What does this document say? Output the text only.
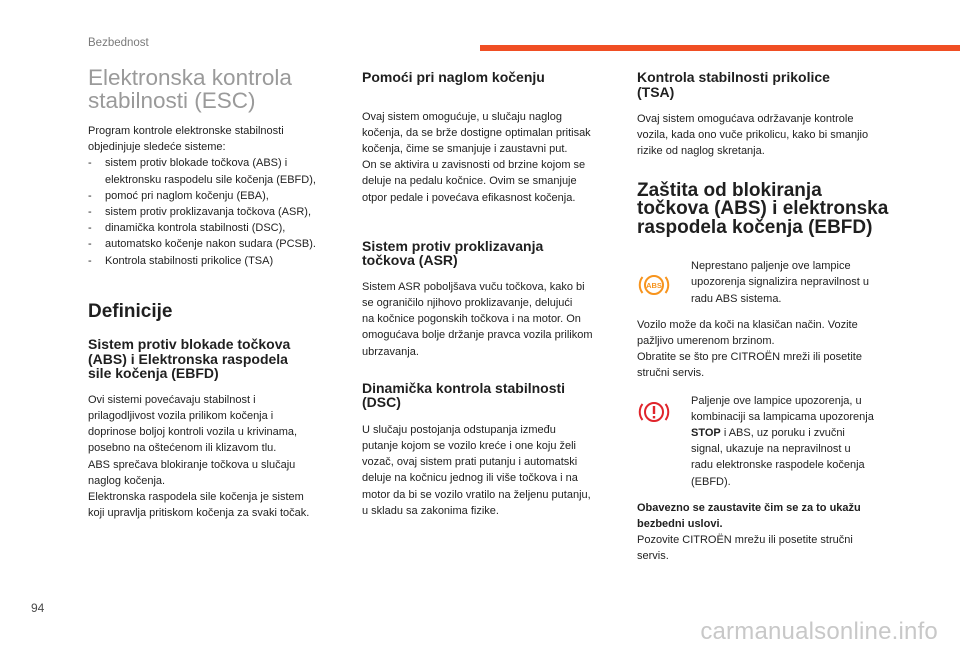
Bezbednost
Elektronska kontrola
stabilnosti (ESC)

Program kontrole elektronske stabilnosti
objedinjuje sledeće sisteme:

- sistem protiv blokade točkova (ABS) i
elektronsku raspodelu sile kočenja (EBFD),
- pomoć pri naglom kočenju (EBA),
- sistem protiv proklizavanja točkova (ASR),
- dinamička kontrola stabilnosti (DSC),
- automatsko kočenje nakon sudara (PCSB).
- Kontrola stabilnosti prikolice (TSA)
Definicije
Sistem protiv blokade točkova
(ABS) i Elektronska raspodela
sile kočenja (EBFD)

Ovi sistemi povećavaju stabilnost i
prilagodljivost vozila prilikom kočenja i
doprinose boljoj kontroli vozila u krivinama,
posebno na oštećenom ili klizavom tlu.
ABS sprečava blokiranje točkova u slučaju
naglog kočenja.
Elektronska raspodela sile kočenja je sistem
koji upravlja pritiskom kočenja za svaki točak.

Pomoći pri naglom kočenju

Ovaj sistem omogućuje, u slučaju naglog
kočenja, da se brže dostigne optimalan pritisak
kočenja, čime se smanjuje i zaustavni put.
On se aktivira u zavisnosti od brzine kojom se
deluje na pedalu kočnice. Ovim se smanjuje
otpor pedale i povećava efikasnost kočenja.

Sistem protiv proklizavanja
točkova (ASR)

Sistem ASR poboljšava vuču točkova, kako bi
se ograničilo njihovo proklizavanje, delujući
na kočnice pogonskih točkova i na motor. On
omogućava bolje držanje pravca vozila prilikom
ubrzavanja.

Dinamička kontrola stabilnosti
(DSC)

U slučaju postojanja odstupanja između
putanje kojom se vozilo kreće i one koju želi
vozač, ovaj sistem prati putanju i automatski
deluje na kočnicu jednog ili više točkova i na
motor da bi se vozilo vratilo na željenu putanju,
u skladu sa zakonima fizike.

Kontrola stabilnosti prikolice
(TSA)

Ovaj sistem omogućava održavanje kontrole
vozila, kada ono vuče prikolicu, kako bi smanjio
rizike od naglog skretanja.

Zaštita od blokiranja
točkova (ABS) i elektronska
raspodela kočenja (EBFD)
ABS

Neprestano paljenje ove lampice
upozorenja signalizira nepravilnost u
radu ABS sistema.

Vozilo može da koči na klasičan način. Vozite
pažljivo umerenom brzinom.
Obratite se što pre CITROËN mreži ili posetite
stručni servis.

Paljenje ove lampice upozorenja, u
kombinaciji sa lampicama upozorenja
STOP i ABS, uz poruku i zvučni
signal, ukazuje na nepravilnost u
radu elektronske raspodele kočenja
(EBFD).

Obavezno se zaustavite čim se za to ukažu
bezbedni uslovi.
Pozovite CITROËN mrežu ili posetite stručni
servis.

94
carmanualsonline.info
